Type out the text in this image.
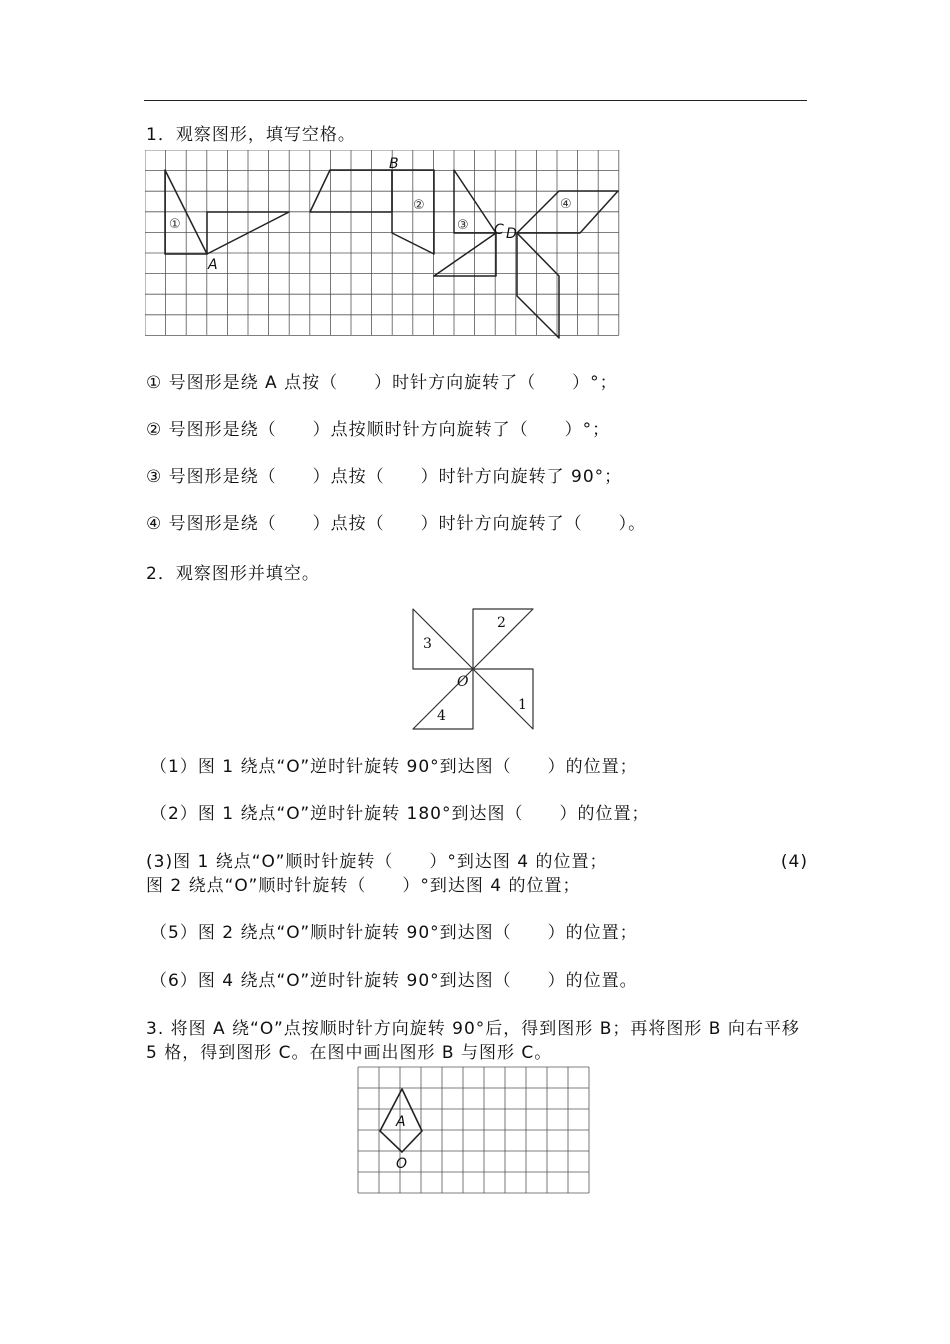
1．观察图形，填写空格。
A
B
C D
①
②
③
④
① 号图形是绕 A 点按（　　）时针方向旋转了（　　）°；
② 号图形是绕（　　）点按顺时针方向旋转了（　　）°；
③ 号图形是绕（　　）点按（　　）时针方向旋转了 90°；
④ 号图形是绕（　　）点按（　　）时针方向旋转了（　　）。
2．观察图形并填空。
1
2
3
4
O
（1）图 1 绕点“O”逆时针旋转 90°到达图（　　）的位置；
（2）图 1 绕点“O”逆时针旋转 180°到达图（　　）的位置；
(3)图 1 绕点“O”顺时针旋转（　　）°到达图 4 的位置；	(4)
图 2 绕点“O”顺时针旋转（　　）°到达图 4 的位置；
（5）图 2 绕点“O”顺时针旋转 90°到达图（　　）的位置；
（6）图 4 绕点“O”逆时针旋转 90°到达图（　　）的位置。
3. 将图 A 绕“O”点按顺时针方向旋转 90°后，得到图形 B；再将图形 B 向右平移 5 格，得到图形 C。在图中画出图形 B 与图形 C。
A
O
